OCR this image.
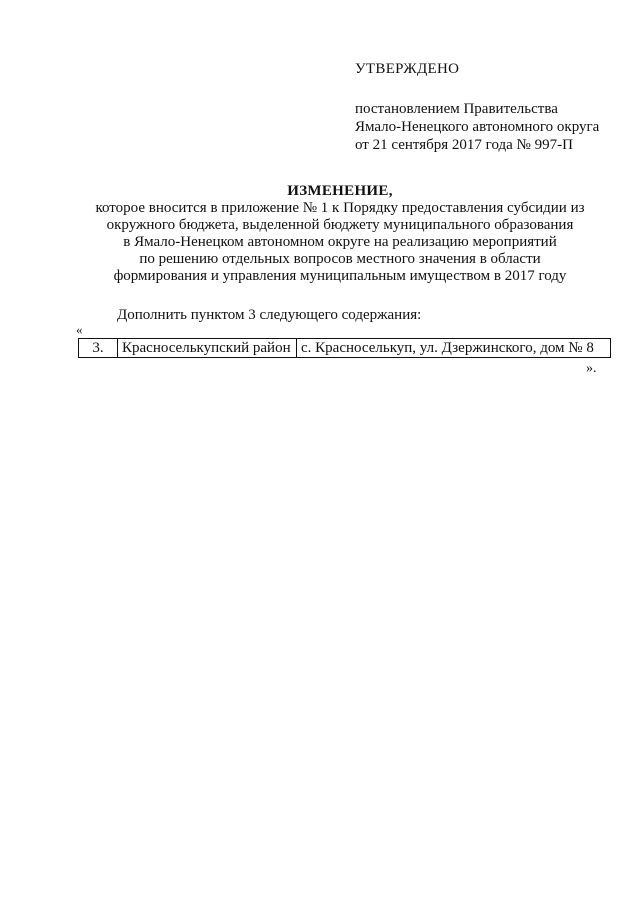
УТВЕРЖДЕНО
постановлением Правительства
Ямало-Ненецкого автономного округа
от 21 сентября 2017 года № 997-П
ИЗМЕНЕНИЕ,
которое вносится в приложение № 1 к Порядку предоставления субсидии из
окружного бюджета, выделенной бюджету муниципального образования
в Ямало-Ненецком автономном округе на реализацию мероприятий
по решению отдельных вопросов местного значения в области
формирования и управления муниципальным имуществом в 2017 году
Дополнить пунктом 3 следующего содержания:
«
3.	Красноселькупский район	с. Красноселькуп, ул. Дзержинского, дом № 8
».
